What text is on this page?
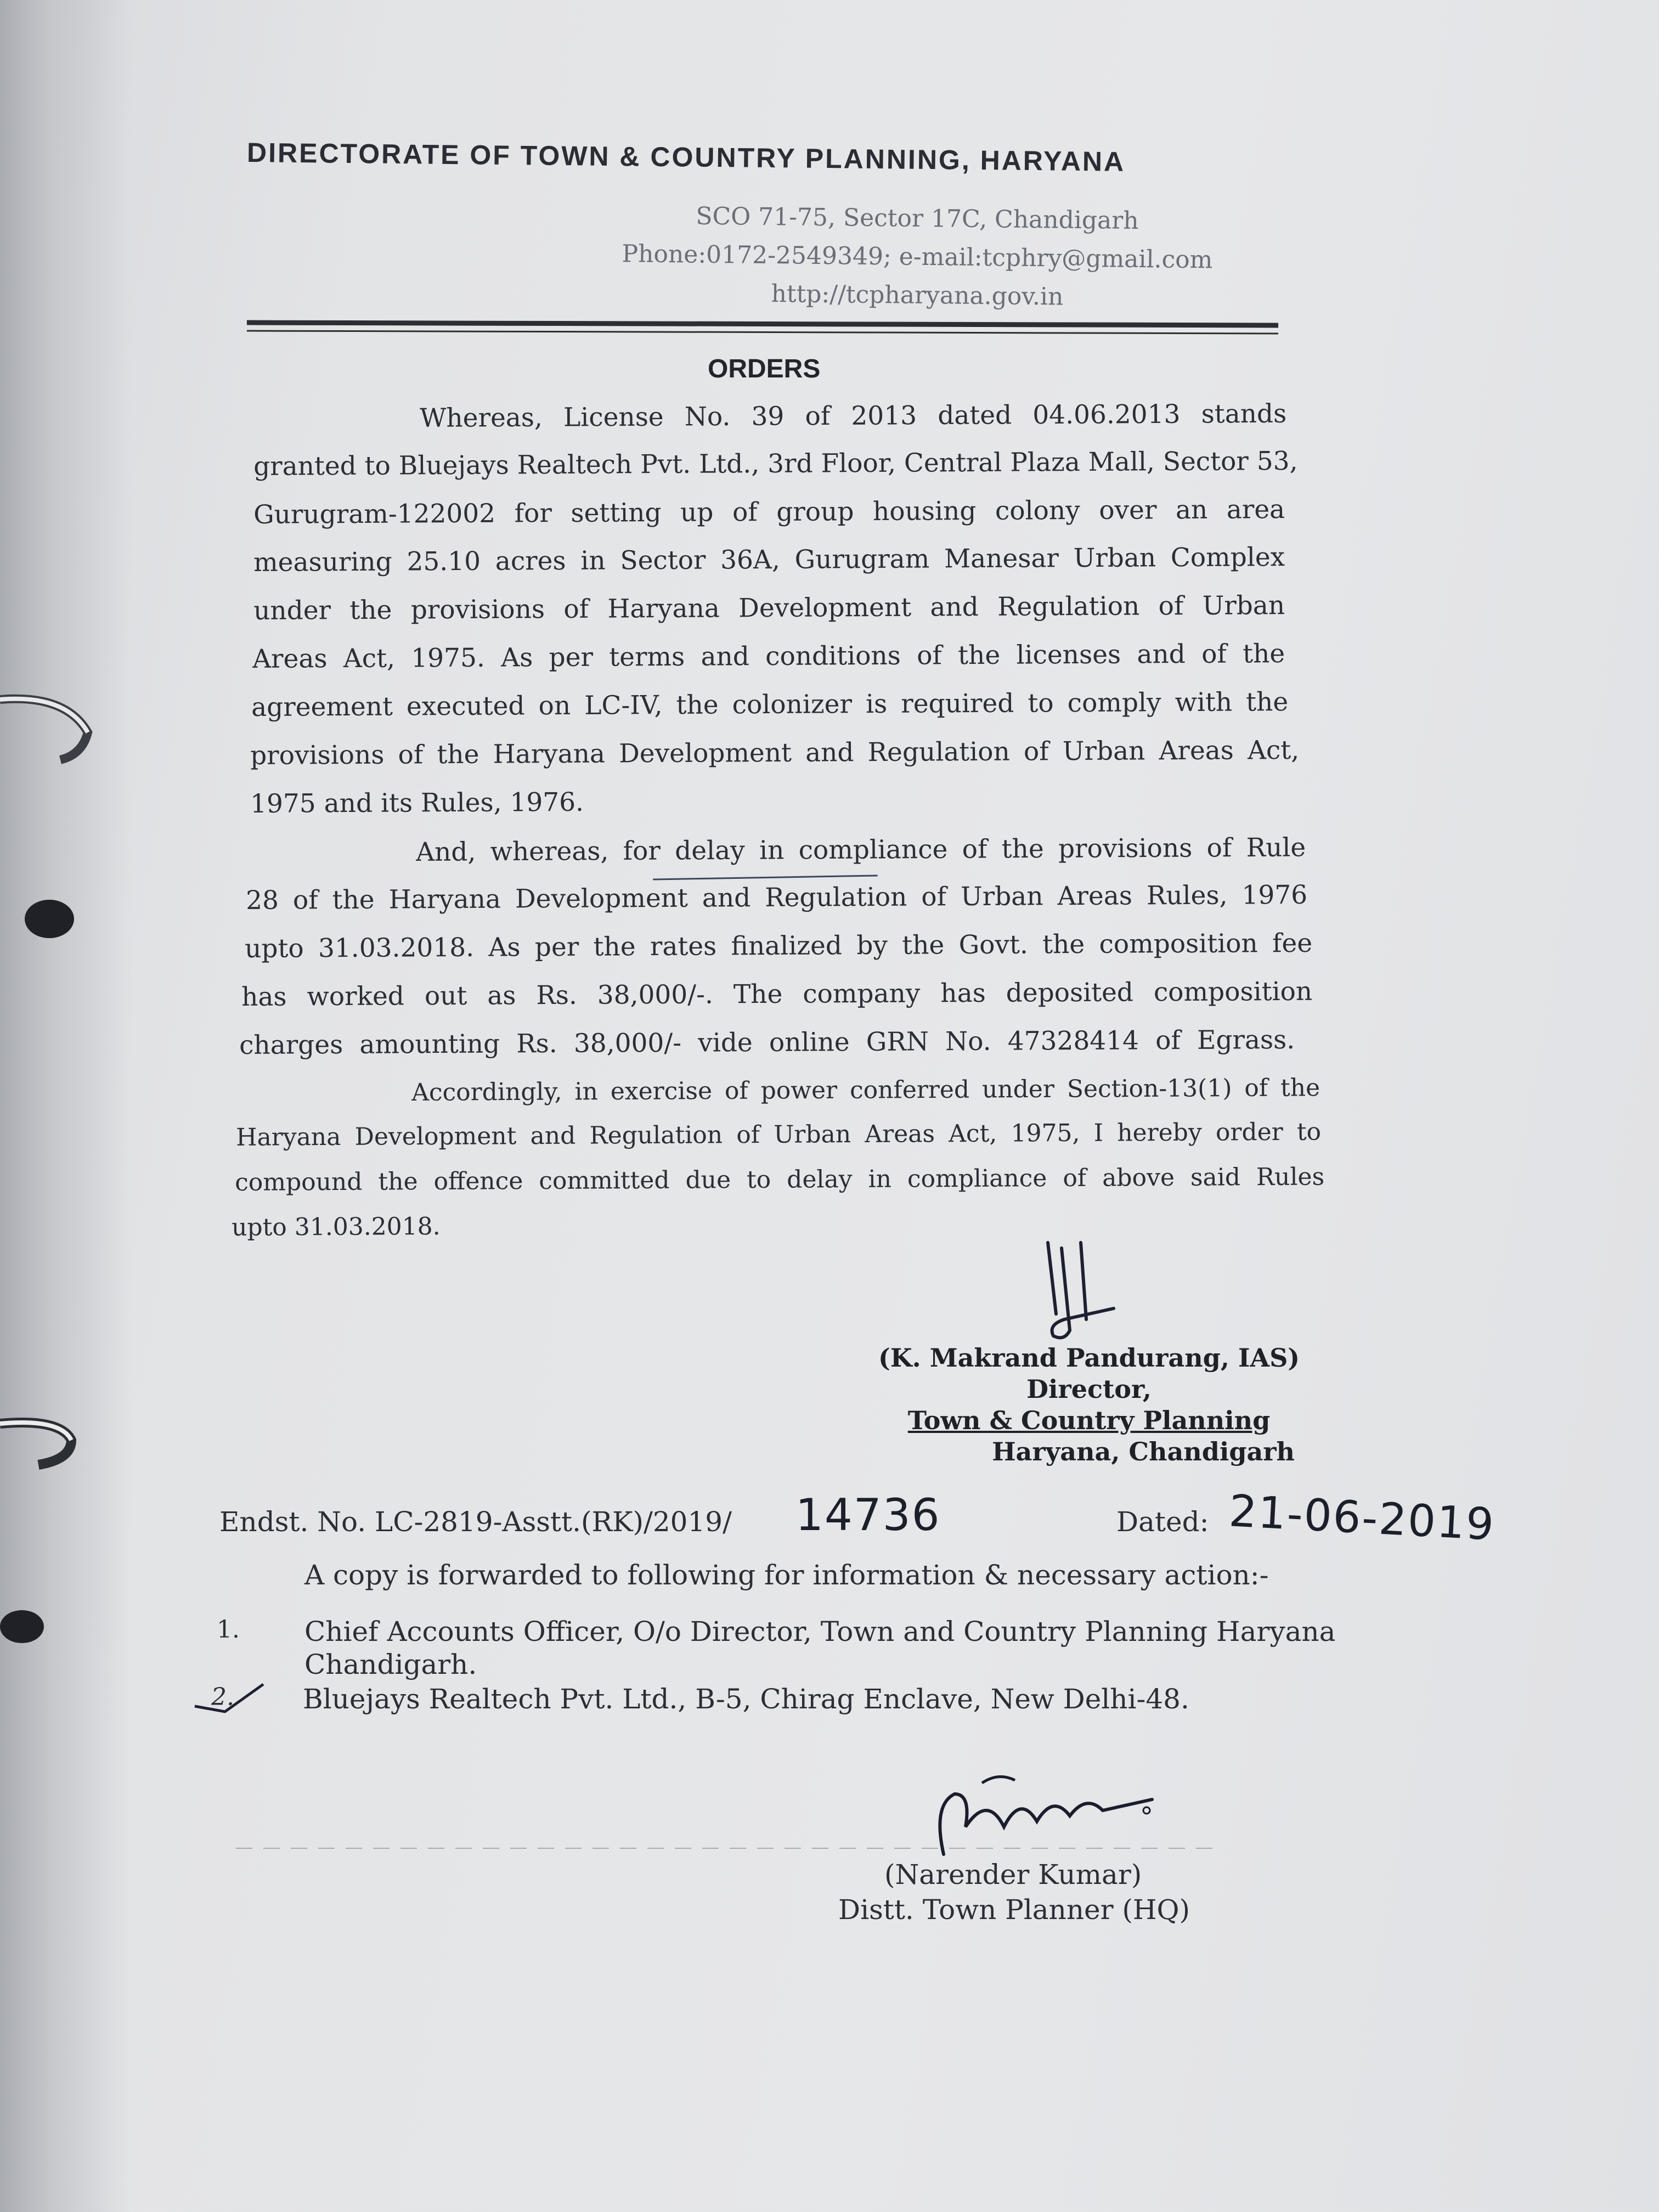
DIRECTORATE OF TOWN & COUNTRY PLANNING, HARYANA
SCO 71-75, Sector 17C, Chandigarh
Phone:0172-2549349; e-mail:tcphry@gmail.com
http://tcpharyana.gov.in
ORDERS
Whereas, License No. 39 of 2013 dated 04.06.2013 stands
granted to Bluejays Realtech Pvt. Ltd., 3rd Floor, Central Plaza Mall, Sector 53,
Gurugram-122002 for setting up of group housing colony over an area
measuring 25.10 acres in Sector 36A, Gurugram Manesar Urban Complex
under the provisions of Haryana Development and Regulation of Urban
Areas Act, 1975. As per terms and conditions of the licenses and of the
agreement executed on LC-IV, the colonizer is required to comply with the
provisions of the Haryana Development and Regulation of Urban Areas Act,
1975 and its Rules, 1976.
And, whereas, for delay in compliance of the provisions of Rule
28 of the Haryana Development and Regulation of Urban Areas Rules, 1976
upto 31.03.2018. As per the rates finalized by the Govt. the composition fee
has worked out as Rs. 38,000/-. The company has deposited composition
charges amounting Rs. 38,000/- vide online GRN No. 47328414 of Egrass.
Accordingly, in exercise of power conferred under Section-13(1) of the
Haryana Development and Regulation of Urban Areas Act, 1975, I hereby order to
compound the offence committed due to delay in compliance of above said Rules
upto 31.03.2018.
(K. Makrand Pandurang, IAS)
Director,
Town & Country Planning
Haryana, Chandigarh
Endst. No. LC-2819-Asstt.(RK)/2019/ 14736	Dated: 21-06-2019
A copy is forwarded to following for information & necessary action:-
1. Chief Accounts Officer, O/o Director, Town and Country Planning Haryana
Chandigarh.
2.	Bluejays Realtech Pvt. Ltd., B-5, Chirag Enclave, New Delhi-48.
(Narender Kumar)
Distt. Town Planner (HQ)
